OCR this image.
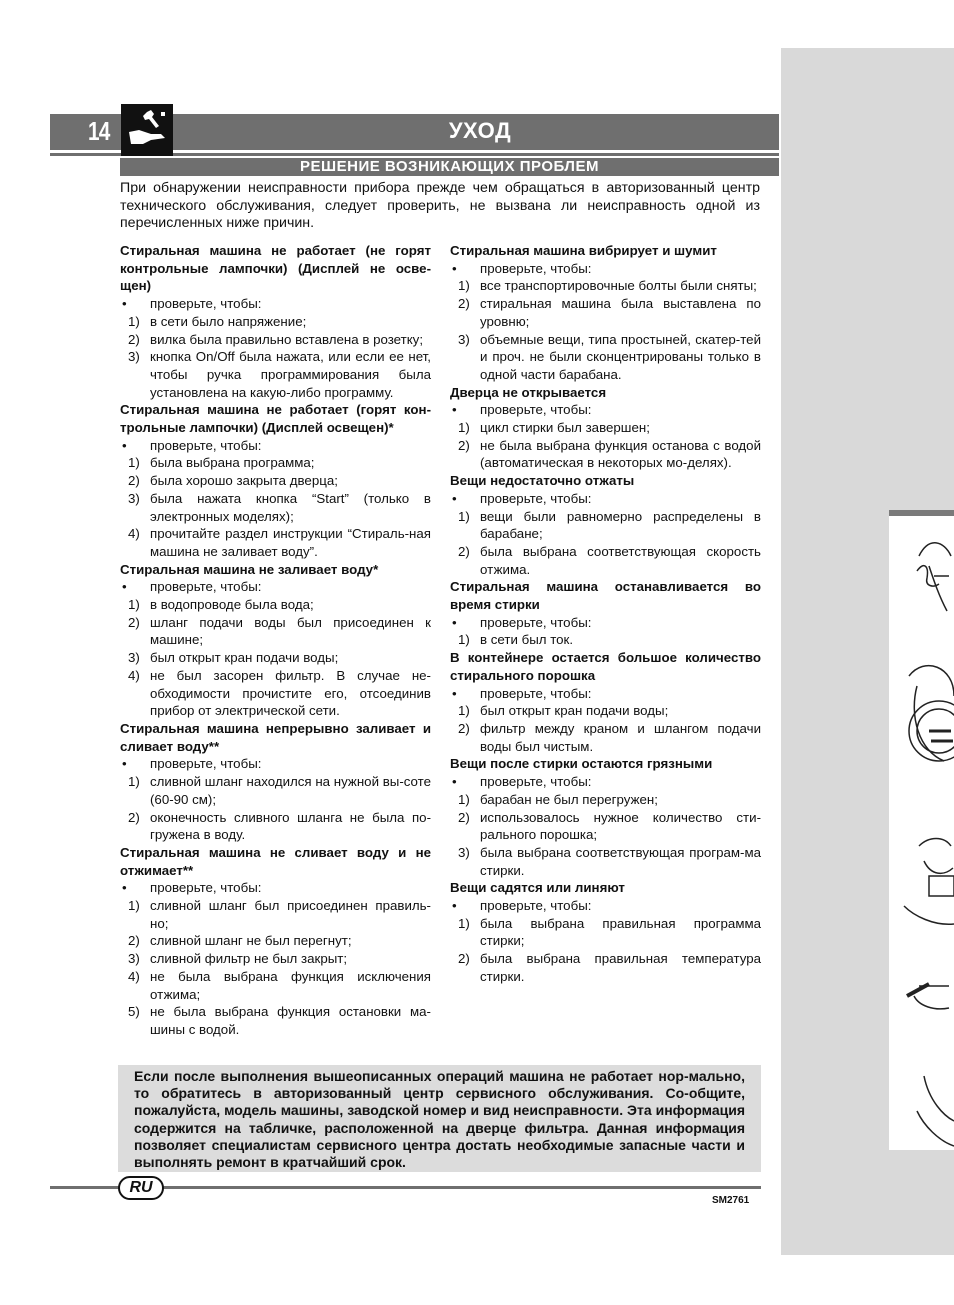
14	УХОД
РЕШЕНИЕ ВОЗНИКАЮЩИХ ПРОБЛЕМ
При обнаружении неисправности прибора прежде чем обращаться в авторизованный центр технического обслуживания, следует проверить, не вызвана ли неисправность одной из перечисленных ниже причин.
Стиральная машина не работает (не горят контрольные лампочки) (Дисплей не осве-щен)
• проверьте, чтобы:
1) в сети было напряжение;
2) вилка была правильно вставлена в розетку;
3) кнопка On/Off была нажата, или если ее нет, чтобы ручка программирования была установлена на какую-либо программу.
Стиральная машина не работает (горят кон-трольные лампочки) (Дисплей освещен)*
• проверьте, чтобы:
1) была выбрана программа;
2) была хорошо закрыта дверца;
3) была нажата кнопка “Start” (только в электронных моделях);
4) прочитайте раздел инструкции “Стираль-ная машина не заливает воду”.
Стиральная машина не заливает воду*
• проверьте, чтобы:
1) в водопроводе была вода;
2) шланг подачи воды был присоединен к машине;
3) был открыт кран подачи воды;
4) не был засорен фильтр. В случае не-обходимости прочистите его, отсоединив прибор от электрической сети.
Стиральная машина непрерывно заливает и сливает воду**
• проверьте, чтобы:
1) сливной шланг находился на нужной вы-соте (60-90 см);
2) оконечность сливного шланга не была по-гружена в воду.
Стиральная машина не сливает воду и не отжимает**
• проверьте, чтобы:
1) сливной шланг был присоединен правиль-но;
2) сливной шланг не был перегнут;
3) сливной фильтр не был закрыт;
4) не была выбрана функция исключения отжима;
5) не была выбрана функция остановки ма-шины с водой.
Стиральная машина вибрирует и шумит
• проверьте, чтобы:
1) все транспортировочные болты были сняты;
2) стиральная машина была выставлена по уровню;
3) объемные вещи, типа простыней, скатер-тей и проч. не были сконцентрированы только в одной части барабана.
Дверца не открывается
• проверьте, чтобы:
1) цикл стирки был завершен;
2) не была выбрана функция останова с водой (автоматическая в некоторых мо-делях).
Вещи недостаточно отжаты
• проверьте, чтобы:
1) вещи были равномерно распределены в барабане;
2) была выбрана соответствующая скорость отжима.
Стиральная машина останавливается во время стирки
• проверьте, чтобы:
1) в сети был ток.
В контейнере остается большое количество стирального порошка
• проверьте, чтобы:
1) был открыт кран подачи воды;
2) фильтр между краном и шлангом подачи воды был чистым.
Вещи после стирки остаются грязными
• проверьте, чтобы:
1) барабан не был перегружен;
2) использовалось нужное количество сти-рального порошка;
3) была выбрана соответствующая програм-ма стирки.
Вещи садятся или линяют
• проверьте, чтобы:
1) была выбрана правильная программа стирки;
2) была выбрана правильная температура стирки.
Если после выполнения вышеописанных операций машина не работает нор-мально, то обратитесь в авторизованный центр сервисного обслуживания. Со-общите, пожалуйста, модель машины, заводской номер и вид неисправности. Эта информация содержится на табличке, расположенной на дверце фильтра. Данная информация позволяет специалистам сервисного центра достать необходимые запасные части и выполнять ремонт в кратчайший срок.
RU
SM2761
